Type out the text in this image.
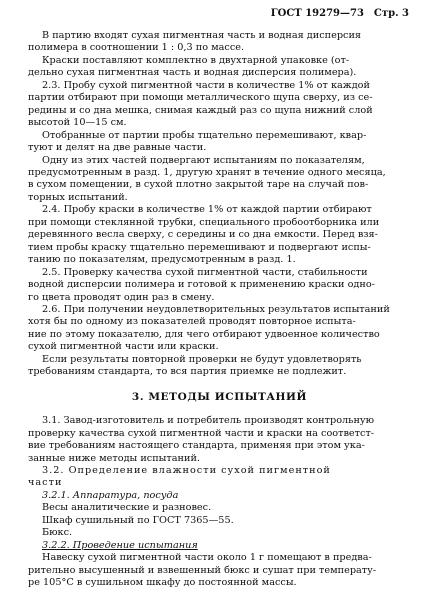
ГОСТ 19279—73 Стр. 3
В партию входят сухая пигментная часть и водная дисперсия
полимера в соотношении 1 : 0,3 по массе.
Краски поставляют комплектно в двухтарной упаковке (от-
дельно сухая пигментная часть и водная дисперсия полимера).
2.3. Пробу сухой пигментной части в количестве 1% от каждой
партии отбирают при помощи металлического щупа сверху, из се-
редины и со дна мешка, снимая каждый раз со щупа нижний слой
высотой 10—15 см.
Отобранные от партии пробы тщательно перемешивают, квар-
туют и делят на две равные части.
Одну из этих частей подвергают испытаниям по показателям,
предусмотренным в разд. 1, другую хранят в течение одного месяца,
в сухом помещении, в сухой плотно закрытой таре на случай пов-
торных испытаний.
2.4. Пробу краски в количестве 1% от каждой партии отбирают
при помощи стеклянной трубки, специального пробоотборника или
деревянного весла сверху, с середины и со дна емкости. Перед взя-
тием пробы краску тщательно перемешивают и подвергают испы-
танию по показателям, предусмотренным в разд. 1.
2.5. Проверку качества сухой пигментной части, стабильности
водной дисперсии полимера и готовой к применению краски одно-
го цвета проводят один раз в смену.
2.6. При получении неудовлетворительных результатов испытаний
хотя бы по одному из показателей проводят повторное испыта-
ние по этому показателю, для чего отбирают удвоенное количество
сухой пигментной части или краски.
Если результаты повторной проверки не будут удовлетворять
требованиям стандарта, то вся партия приемке не подлежит.
3. МЕТОДЫ ИСПЫТАНИЙ
3.1. Завод-изготовитель и потребитель производят контрольную
проверку качества сухой пигментной части и краски на соответст-
вие требованиям настоящего стандарта, применяя при этом ука-
занные ниже методы испытаний.
3.2. Определение влажности сухой пигментной
части
3.2.1. Аппаратура, посуда
Весы аналитические и разновес.
Шкаф сушильный по ГОСТ 7365—55.
Бюкс.
3.2.2. Проведение испытания
Навеску сухой пигментной части около 1 г помещают в предва-
рительно высушенный и взвешенный бюкс и сушат при температу-
ре 105°С в сушильном шкафу до постоянной массы.
